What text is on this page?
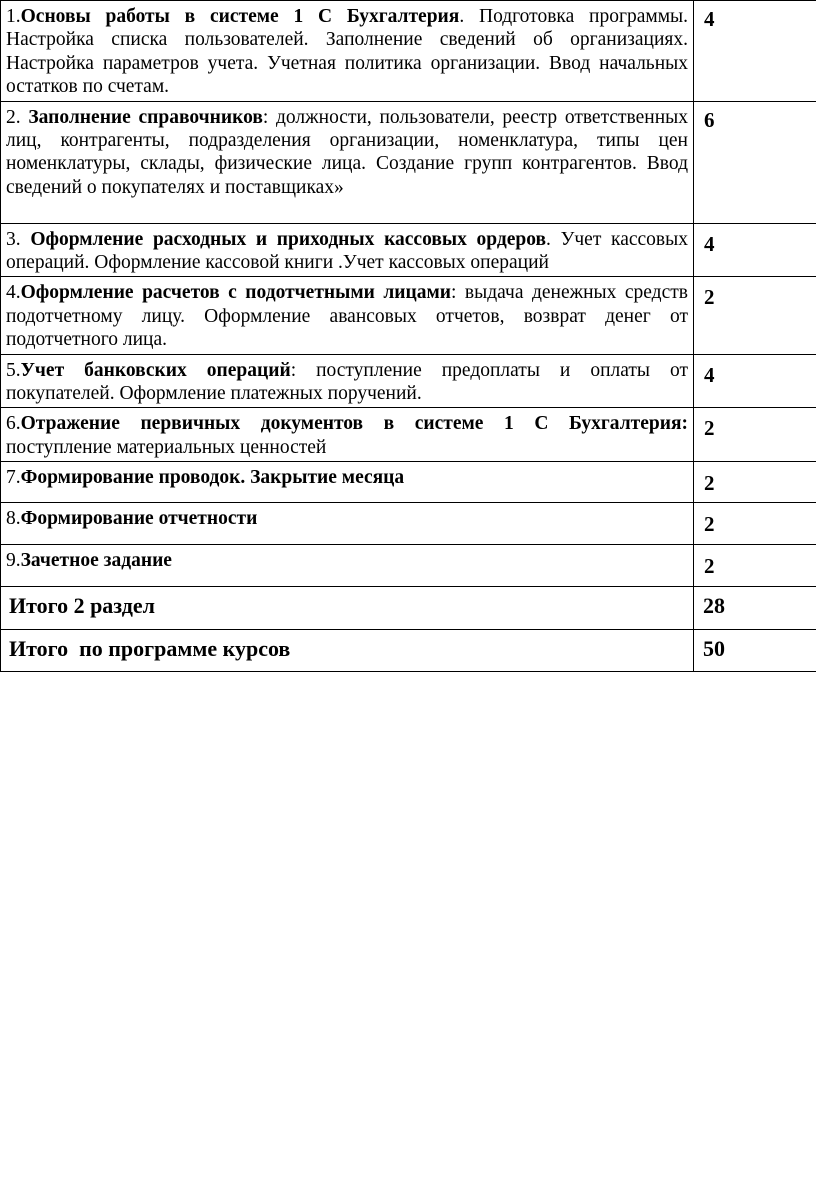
1.Основы работы в системе 1 С Бухгалтерия. Подготовка программы. Настройка списка пользователей. Заполнение сведений об организациях. Настройка параметров учета. Учетная политика организации. Ввод начальных остатков по счетам.	4

2. Заполнение справочников: должности, пользователи, реестр ответственных лиц, контрагенты, подразделения организации, номенклатура, типы цен номенклатуры, склады, физические лица. Создание групп контрагентов. Ввод сведений о покупателях и поставщиках»	6

3. Оформление расходных и приходных кассовых ордеров. Учет кассовых операций. Оформление кассовой книги .Учет кассовых операций	4

4.Оформление расчетов с подотчетными лицами: выдача денежных средств подотчетному лицу. Оформление авансовых отчетов, возврат денег от подотчетного лица.	2

5.Учет банковских операций: поступление предоплаты и оплаты от покупателей. Оформление платежных поручений.	4

6.Отражение первичных документов в системе 1 С Бухгалтерия: поступление материальных ценностей	2

7.Формирование проводок. Закрытие месяца	2

8.Формирование отчетности	2

9.Зачетное задание	2

Итого 2 раздел	28

Итого  по программе курсов	50
